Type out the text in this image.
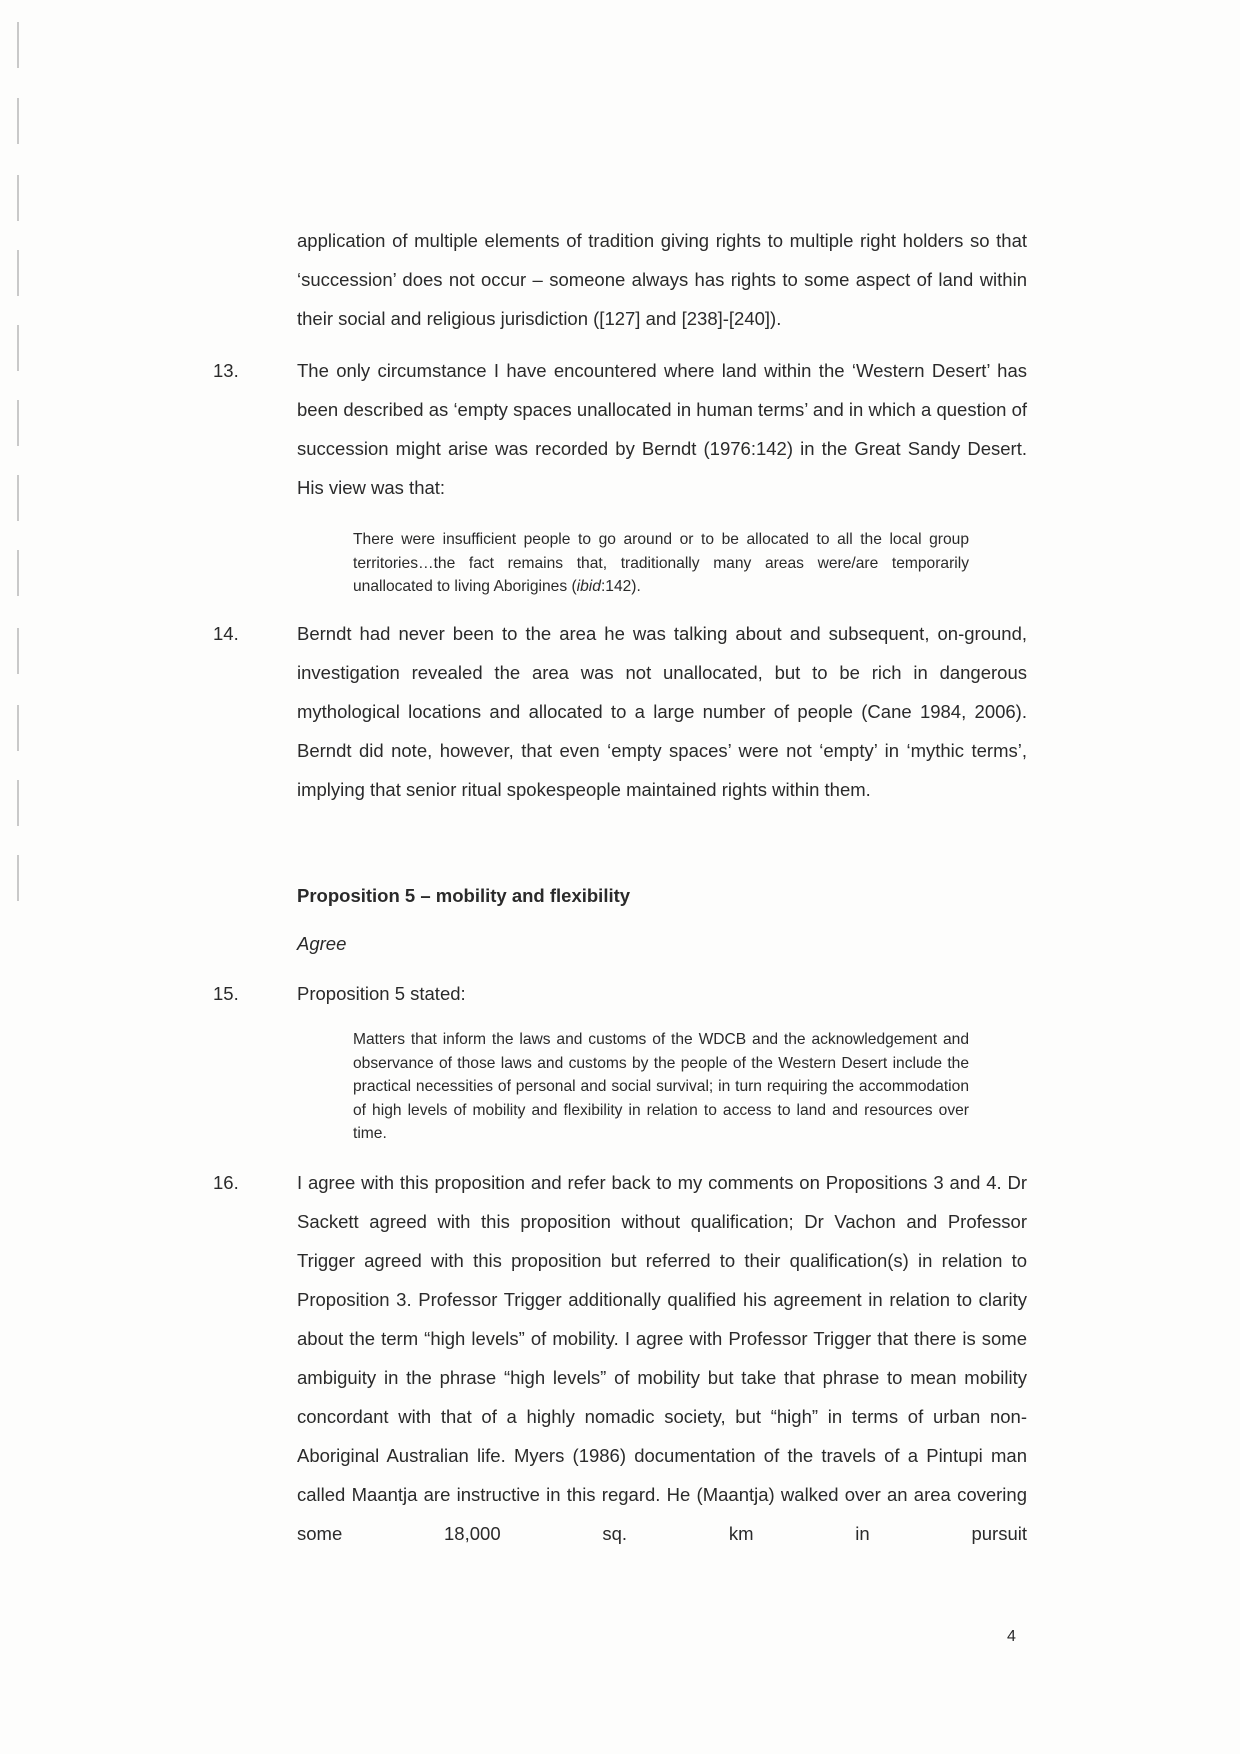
application of multiple elements of tradition giving rights to multiple right holders so that ‘succession’ does not occur – someone always has rights to some aspect of land within their social and religious jurisdiction ([127] and [238]-[240]).
13.	The only circumstance I have encountered where land within the ‘Western Desert’ has been described as ‘empty spaces unallocated in human terms’ and in which a question of succession might arise was recorded by Berndt (1976:142) in the Great Sandy Desert. His view was that:
There were insufficient people to go around or to be allocated to all the local group territories…the fact remains that, traditionally many areas were/are temporarily unallocated to living Aborigines (ibid:142).
14.	Berndt had never been to the area he was talking about and subsequent, on-ground, investigation revealed the area was not unallocated, but to be rich in dangerous mythological locations and allocated to a large number of people (Cane 1984, 2006). Berndt did note, however, that even ‘empty spaces’ were not ‘empty’ in ‘mythic terms’, implying that senior ritual spokespeople maintained rights within them.
Proposition 5 – mobility and flexibility
Agree
15.	Proposition 5 stated:
Matters that inform the laws and customs of the WDCB and the acknowledgement and observance of those laws and customs by the people of the Western Desert include the practical necessities of personal and social survival; in turn requiring the accommodation of high levels of mobility and flexibility in relation to access to land and resources over time.
16.	I agree with this proposition and refer back to my comments on Propositions 3 and 4. Dr Sackett agreed with this proposition without qualification; Dr Vachon and Professor Trigger agreed with this proposition but referred to their qualification(s) in relation to Proposition 3. Professor Trigger additionally qualified his agreement in relation to clarity about the term “high levels” of mobility. I agree with Professor Trigger that there is some ambiguity in the phrase “high levels” of mobility but take that phrase to mean mobility concordant with that of a highly nomadic society, but “high” in terms of urban non-Aboriginal Australian life. Myers (1986) documentation of the travels of a Pintupi man called Maantja are instructive in this regard. He (Maantja) walked over an area covering some 18,000 sq. km in pursuit
4
